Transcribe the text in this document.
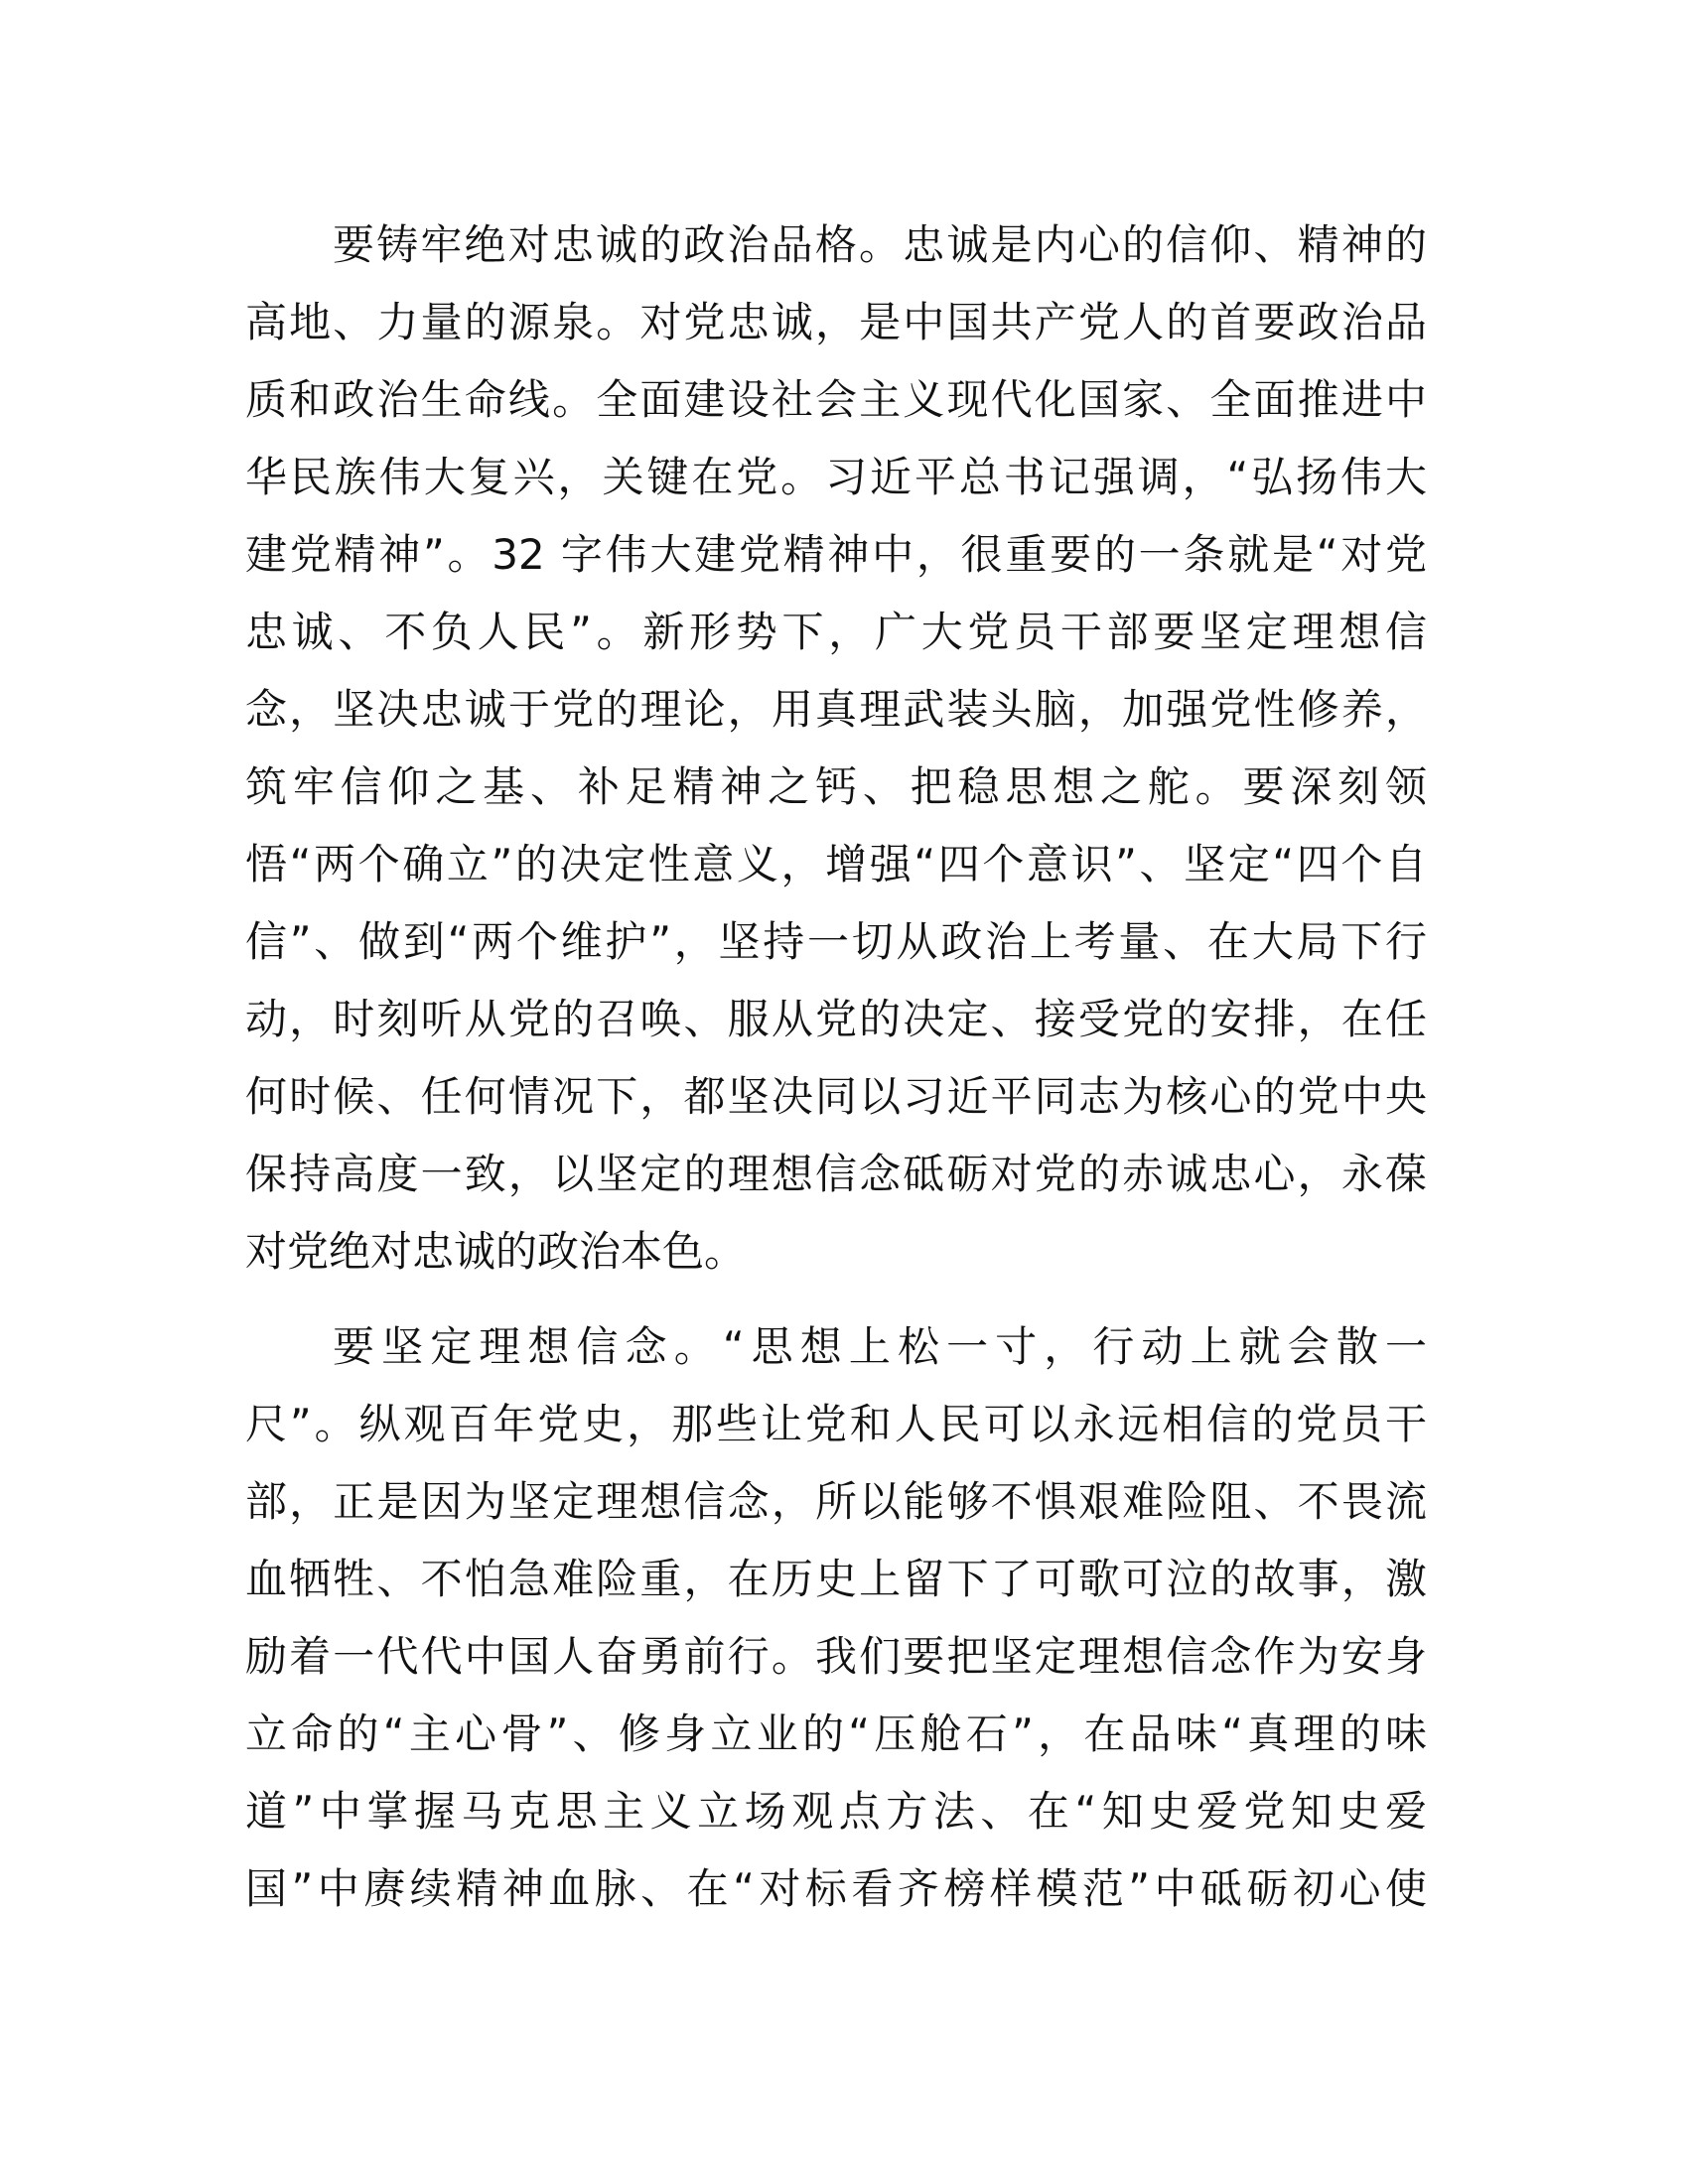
要铸牢绝对忠诚的政治品格。忠诚是内心的信仰、精神的
高地、力量的源泉。对党忠诚，是中国共产党人的首要政治品
质和政治生命线。全面建设社会主义现代化国家、全面推进中
华民族伟大复兴，关键在党。习近平总书记强调，“弘扬伟大
建党精神”。32 字伟大建党精神中，很重要的一条就是“对党
忠诚、不负人民”。新形势下，广大党员干部要坚定理想信
念，坚决忠诚于党的理论，用真理武装头脑，加强党性修养，
筑牢信仰之基、补足精神之钙、把稳思想之舵。要深刻领
悟“两个确立”的决定性意义，增强“四个意识”、坚定“四个自
信”、做到“两个维护”，坚持一切从政治上考量、在大局下行
动，时刻听从党的召唤、服从党的决定、接受党的安排，在任
何时候、任何情况下，都坚决同以习近平同志为核心的党中央
保持高度一致，以坚定的理想信念砥砺对党的赤诚忠心，永葆
对党绝对忠诚的政治本色。
要坚定理想信念。“思想上松一寸，行动上就会散一
尺”。纵观百年党史，那些让党和人民可以永远相信的党员干
部，正是因为坚定理想信念，所以能够不惧艰难险阻、不畏流
血牺牲、不怕急难险重，在历史上留下了可歌可泣的故事，激
励着一代代中国人奋勇前行。我们要把坚定理想信念作为安身
立命的“主心骨”、修身立业的“压舱石”，在品味“真理的味
道”中掌握马克思主义立场观点方法、在“知史爱党知史爱
国”中赓续精神血脉、在“对标看齐榜样模范”中砥砺初心使
